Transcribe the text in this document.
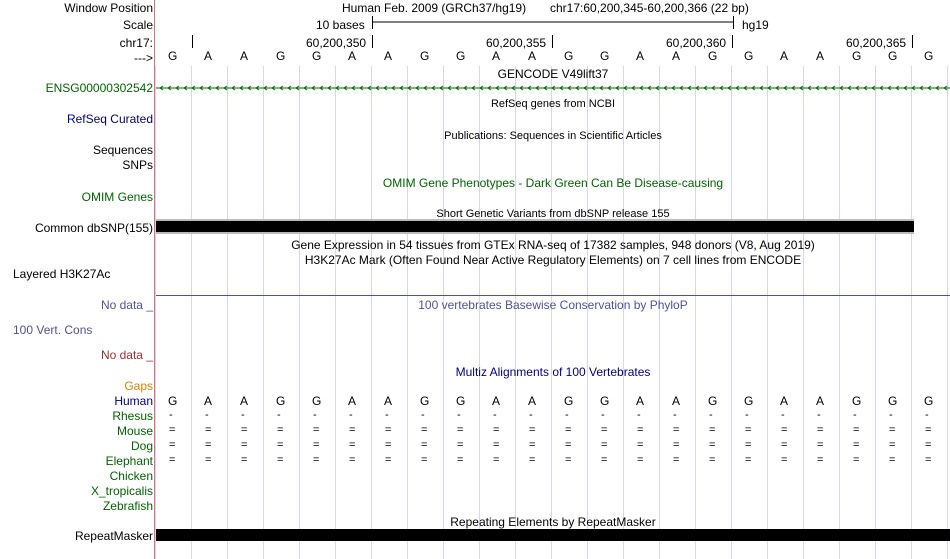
Window Position
Scale
chr17:
--->
Human Feb. 2009 (GRCh37/hg19) chr17:60,200,345-60,200,366 (22 bp)
10 bases	hg19
60,200,350	60,200,355	60,200,360	60,200,365
G A A G G A A G G A A G G A A G G A A G G G
GENCODE V49lift37
ENSG00000302542
RefSeq genes from NCBI
RefSeq Curated
Publications: Sequences in Scientific Articles
Sequences
SNPs
OMIM Gene Phenotypes - Dark Green Can Be Disease-causing
OMIM Genes
Short Genetic Variants from dbSNP release 155
Common dbSNP(155)
Gene Expression in 54 tissues from GTEx RNA-seq of 17382 samples, 948 donors (V8, Aug 2019)
H3K27Ac Mark (Often Found Near Active Regulatory Elements) on 7 cell lines from ENCODE
Layered H3K27Ac
No data _	100 vertebrates Basewise Conservation by PhyloP
100 Vert. Cons
No data _
Multiz Alignments of 100 Vertebrates
Gaps
Human G A A G G A A G G A A G G A A G G A A G G G
Rhesus -	-	-	-	-	-	-	-	-	-	-	-	-	-	-	-	-	-	-	-	-	-
Mouse =	=	=	=	=	=	=	=	=	=	=	=	=	=	=	=	=	=	=	=	=	=
Dog =	=	=	=	=	=	=	=	=	=	=	=	=	=	=	=	=	=	=	=	=	=
Elephant =	=	=	=	=	=	=	=	=	=	=	=	=	=	=	=	=	=	=	=	=	=
Chicken
X_tropicalis
Zebrafish
Repeating Elements by RepeatMasker
RepeatMasker
